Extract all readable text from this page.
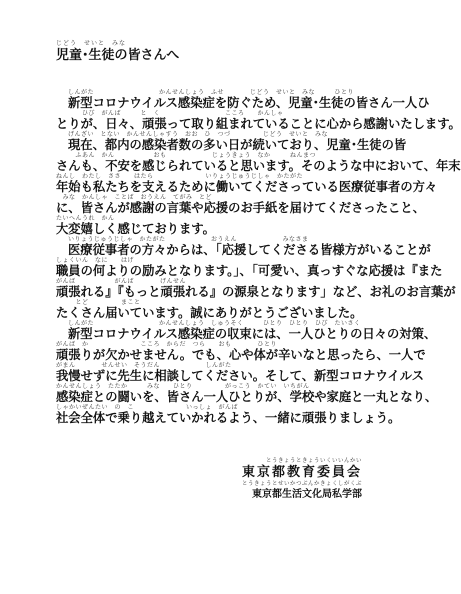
じどう　せいと　みな
児童･生徒の皆さんへ
しんがた　　　　　　　　　　かんせんしょう　ふせ　　　　じどう　せいと　みな　　　ひとり
新型コロナウイルス感染症を防ぐため、児童･生徒の皆さん一人ひ
　　　　ひび　がんば　　　と　く　　　　　　　　　　こころ　　かんしゃ
とりが、日々、頑張って取り組まれていることに心から感謝いたします。
げんざい　とない　かんせんしゃすう　おお　ひ　つづ　　　　　じどう　せいと　みな
現在、都内の感染者数の多い日が続いており、児童･生徒の皆
　　　ふあん　かん　　　　　　おも　　　　　　　じょうきょう　なか　　　ねんまつ
さんも、不安を感じられていると思います。そのような中において、年末
ねんし　わたし　ささ　　はたら　　　　　　　　いりょうじゅうじしゃ　かたがた
年始も私たちを支えるために働いてくださっている医療従事者の方々
　みな　かんしゃ　ことば　おうえん　てがみ　とど
に、皆さんが感謝の言葉や応援のお手紙を届けてくださったこと、
たいへんうれ　かん
大変嬉しく感じております。
いりょうじゅうじしゃ　かたがた　　　　　　　おうえん　　　　　　　みなさま
医療従事者の方々からは、「応援してくださる皆様方がいることが
しょくいん　なに　　はげ
職員の何よりの励みとなります。」、「可愛い、真っすぐな応援は『また
がんば　　　　　　がんば　　　　げんせん
頑張れる』『もっと頑張れる』の源泉となります」など、お礼のお言葉が
　　　とど　　　　　まこと
たくさん届いています。誠にありがとうございました。
しんがた　　　　　　　　　　かんせんしょう　しゅうそく　　　ひとり　ひとり　ひび　たいさく
新型コロナウイルス感染症の収束には、一人ひとりの日々の対策、
がんば　か　　　　　　　　こころ　からだ　つら　　おも　　　　ひとり
頑張りが欠かせません。でも、心や体が辛いなと思ったら、一人で
がまん　　　　せんせい　そうだん　　　　　　　しんがた
我慢せずに先生に相談してください。そして、新型コロナウイルス
かんせんしょう　たたか　　　みな　　ひとり　　　　　がっこう　かてい　いちがん
感染症との闘いを、皆さん一人ひとりが、学校や家庭と一丸となり、
しゃかいぜんたい　の　こ　　　　　　　　いっしょ　がんば
社会全体で乗り越えていかれるよう、一緒に頑張りましょう。
とうきょうときょういくいいんかい
東京都教育委員会
とうきょうとせいかつぶんかきょくしがくぶ
東京都生活文化局私学部
